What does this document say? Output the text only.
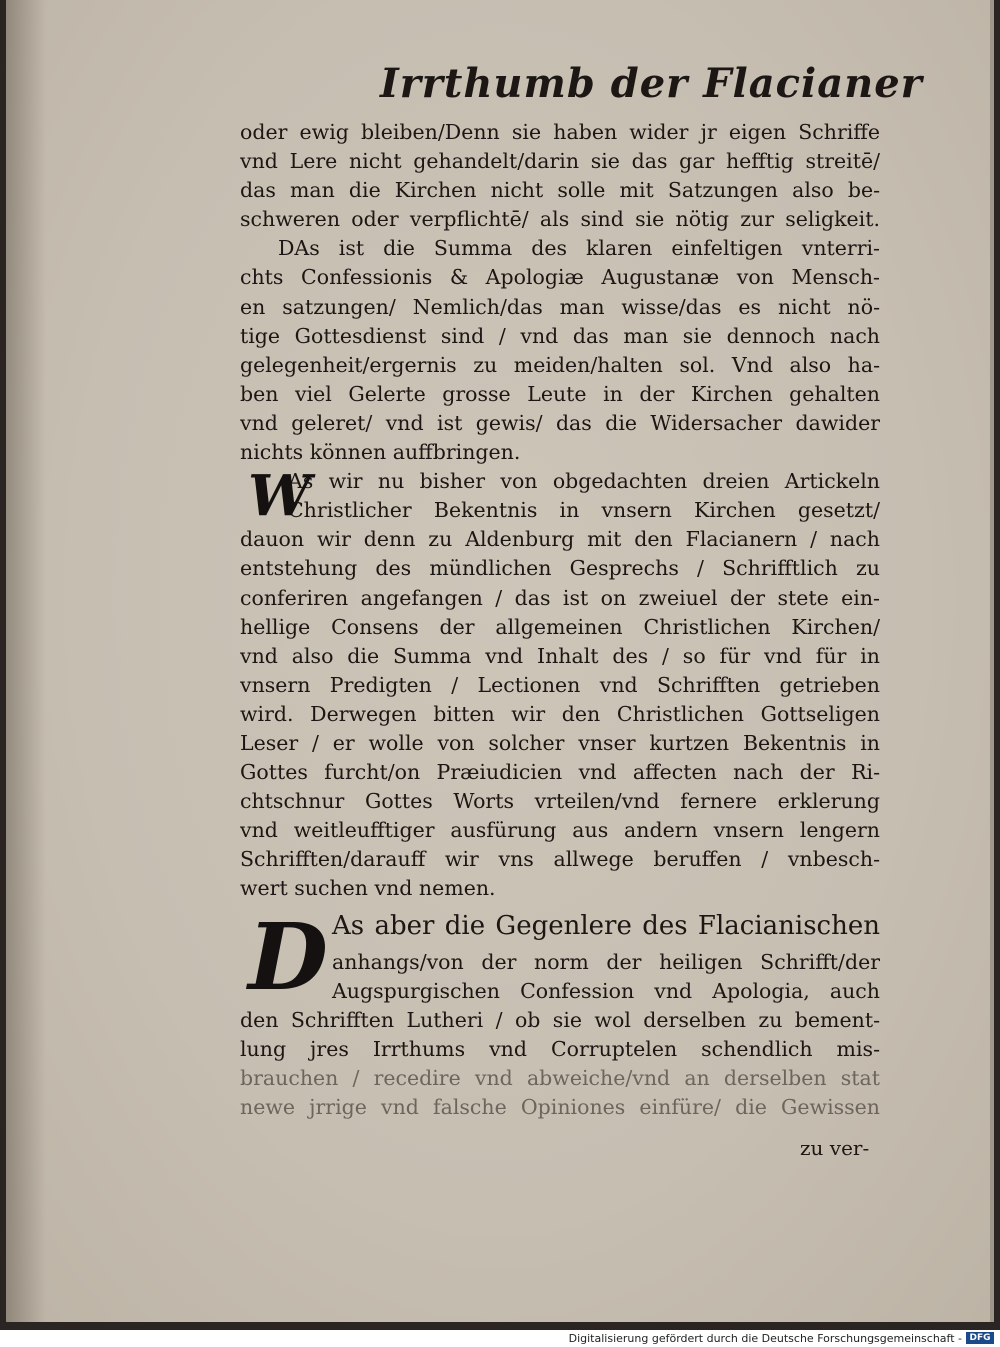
Irrthumb der Flacianer
oder ewig bleiben/Denn sie haben wider jr eigen Schriffe
vnd Lere nicht gehandelt/darin sie das gar hefftig streitē/
das man die Kirchen nicht solle mit Satzungen also be-
schweren oder verpflichtē/ als sind sie nötig zur seligkeit.
DAs ist die Summa des klaren einfeltigen vnterri-
chts Confessionis & Apologiæ Augustanæ von Mensch-
en satzungen/ Nemlich/das man wisse/das es nicht nö-
tige Gottesdienst sind / vnd das man sie dennoch nach
gelegenheit/ergernis zu meiden/halten sol. Vnd also ha-
ben viel Gelerte grosse Leute in der Kirchen gehalten
vnd geleret/ vnd ist gewis/ das die Widersacher dawider
nichts können auffbringen.
As wir nu bisher von obgedachten dreien Artickeln
Christlicher Bekentnis in vnsern Kirchen gesetzt/
dauon wir denn zu Aldenburg mit den Flacianern / nach
entstehung des mündlichen Gesprechs / Schrifftlich zu
conferiren angefangen / das ist on zweiuel der stete ein-
hellige Consens der allgemeinen Christlichen Kirchen/
vnd also die Summa vnd Inhalt des / so für vnd für in
vnsern Predigten / Lectionen vnd Schrifften getrieben
wird. Derwegen bitten wir den Christlichen Gottseligen
Leser / er wolle von solcher vnser kurtzen Bekentnis in
Gottes furcht/on Præiudicien vnd affecten nach der Ri-
chtschnur Gottes Worts vrteilen/vnd fernere erklerung
vnd weitleufftiger ausfürung aus andern vnsern lengern
Schrifften/darauff wir vns allwege beruffen / vnbesch-
wert suchen vnd nemen.
As aber die Gegenlere des Flacianischen
anhangs/von der norm der heiligen Schrifft/der
Augspurgischen Confession vnd Apologia, auch
den Schrifften Lutheri / ob sie wol derselben zu bement-
lung jres Irrthums vnd Corruptelen schendlich mis-
brauchen / recedire vnd abweiche/vnd an derselben stat
newe jrrige vnd falsche Opiniones einfüre/ die Gewissen
W
D
zu ver-
Digitalisierung gefördert durch die Deutsche Forschungsgemeinschaft - DFG
